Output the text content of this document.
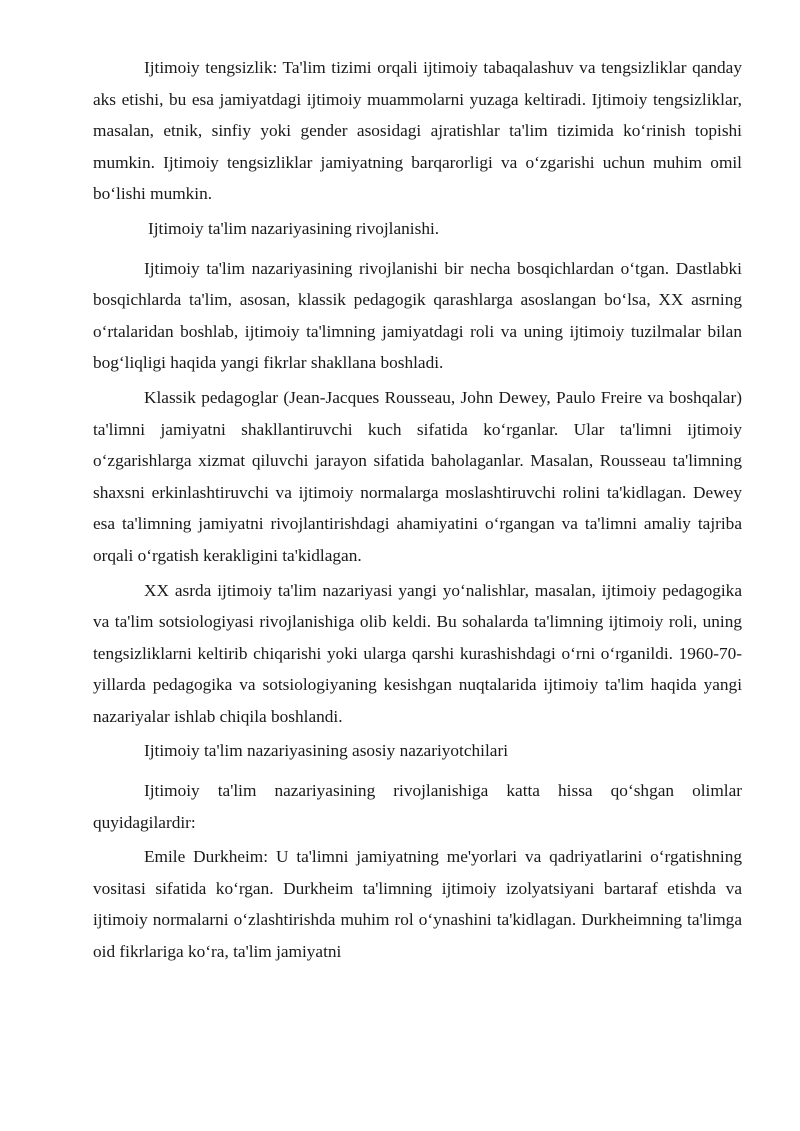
Ijtimoiy tengsizlik: Ta'lim tizimi orqali ijtimoiy tabaqalashuv va tengsizliklar qanday aks etishi, bu esa jamiyatdagi ijtimoiy muammolarni yuzaga keltiradi. Ijtimoiy tengsizliklar, masalan, etnik, sinfiy yoki gender asosidagi ajratishlar ta'lim tizimida ko‘rinish topishi mumkin. Ijtimoiy tengsizliklar jamiyatning barqarorligi va o‘zgarishi uchun muhim omil bo‘lishi mumkin.

Ijtimoiy ta'lim nazariyasining rivojlanishi.

Ijtimoiy ta'lim nazariyasining rivojlanishi bir necha bosqichlardan o‘tgan. Dastlabki bosqichlarda ta'lim, asosan, klassik pedagogik qarashlarga asoslangan bo‘lsa, XX asrning o‘rtalaridan boshlab, ijtimoiy ta'limning jamiyatdagi roli va uning ijtimoiy tuzilmalar bilan bog‘liqligi haqida yangi fikrlar shakllana boshladi.

Klassik pedagoglar (Jean-Jacques Rousseau, John Dewey, Paulo Freire va boshqalar) ta'limni jamiyatni shakllantiruvchi kuch sifatida ko‘rganlar. Ular ta'limni ijtimoiy o‘zgarishlarga xizmat qiluvchi jarayon sifatida baholaganlar. Masalan, Rousseau ta'limning shaxsni erkinlashtiruvchi va ijtimoiy normalarga moslashtiruvchi rolini ta'kidlagan. Dewey esa ta'limning jamiyatni rivojlantirishdagi ahamiyatini o‘rgangan va ta'limni amaliy tajriba orqali o‘rgatish kerakligini ta'kidlagan.

XX asrda ijtimoiy ta'lim nazariyasi yangi yo‘nalishlar, masalan, ijtimoiy pedagogika va ta'lim sotsiologiyasi rivojlanishiga olib keldi. Bu sohalarda ta'limning ijtimoiy roli, uning tengsizliklarni keltirib chiqarishi yoki ularga qarshi kurashishdagi o‘rni o‘rganildi. 1960-70-yillarda pedagogika va sotsiologiyaning kesishgan nuqtalarida ijtimoiy ta'lim haqida yangi nazariyalar ishlab chiqila boshlandi.

Ijtimoiy ta'lim nazariyasining asosiy nazariyotchilari

Ijtimoiy ta'lim nazariyasining rivojlanishiga katta hissa qo‘shgan olimlar quyidagilardir:

Emile Durkheim: U ta'limni jamiyatning me'yorlari va qadriyatlarini o‘rgatishning vositasi sifatida ko‘rgan. Durkheim ta'limning ijtimoiy izolyatsiyani bartaraf etishda va ijtimoiy normalarni o‘zlashtirishda muhim rol o‘ynashini ta'kidlagan. Durkheimning ta'limga oid fikrlariga ko‘ra, ta'lim jamiyatni
